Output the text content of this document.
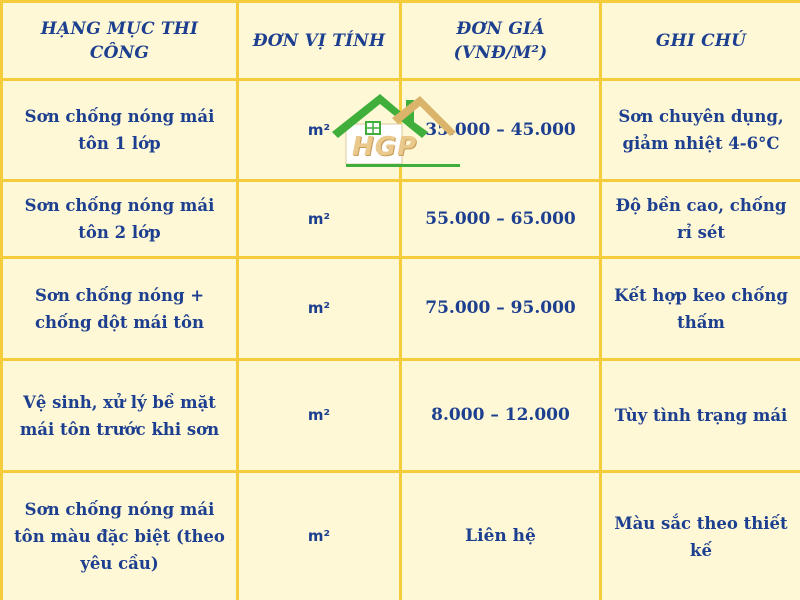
HẠNG MỤC THI CÔNG	ĐƠN VỊ TÍNH	ĐƠN GIÁ (VNĐ/M²)	GHI CHÚ
Sơn chống nóng mái tôn 1 lớp	m²	35.000 – 45.000	Sơn chuyên dụng, giảm nhiệt 4-6°C
Sơn chống nóng mái tôn 2 lớp	m²	55.000 – 65.000	Độ bền cao, chống rỉ sét
Sơn chống nóng + chống dột mái tôn	m²	75.000 – 95.000	Kết hợp keo chống thấm
Vệ sinh, xử lý bề mặt mái tôn trước khi sơn	m²	8.000 – 12.000	Tùy tình trạng mái
Sơn chống nóng mái tôn màu đặc biệt (theo yêu cầu)	m²	Liên hệ	Màu sắc theo thiết kế
HGP
